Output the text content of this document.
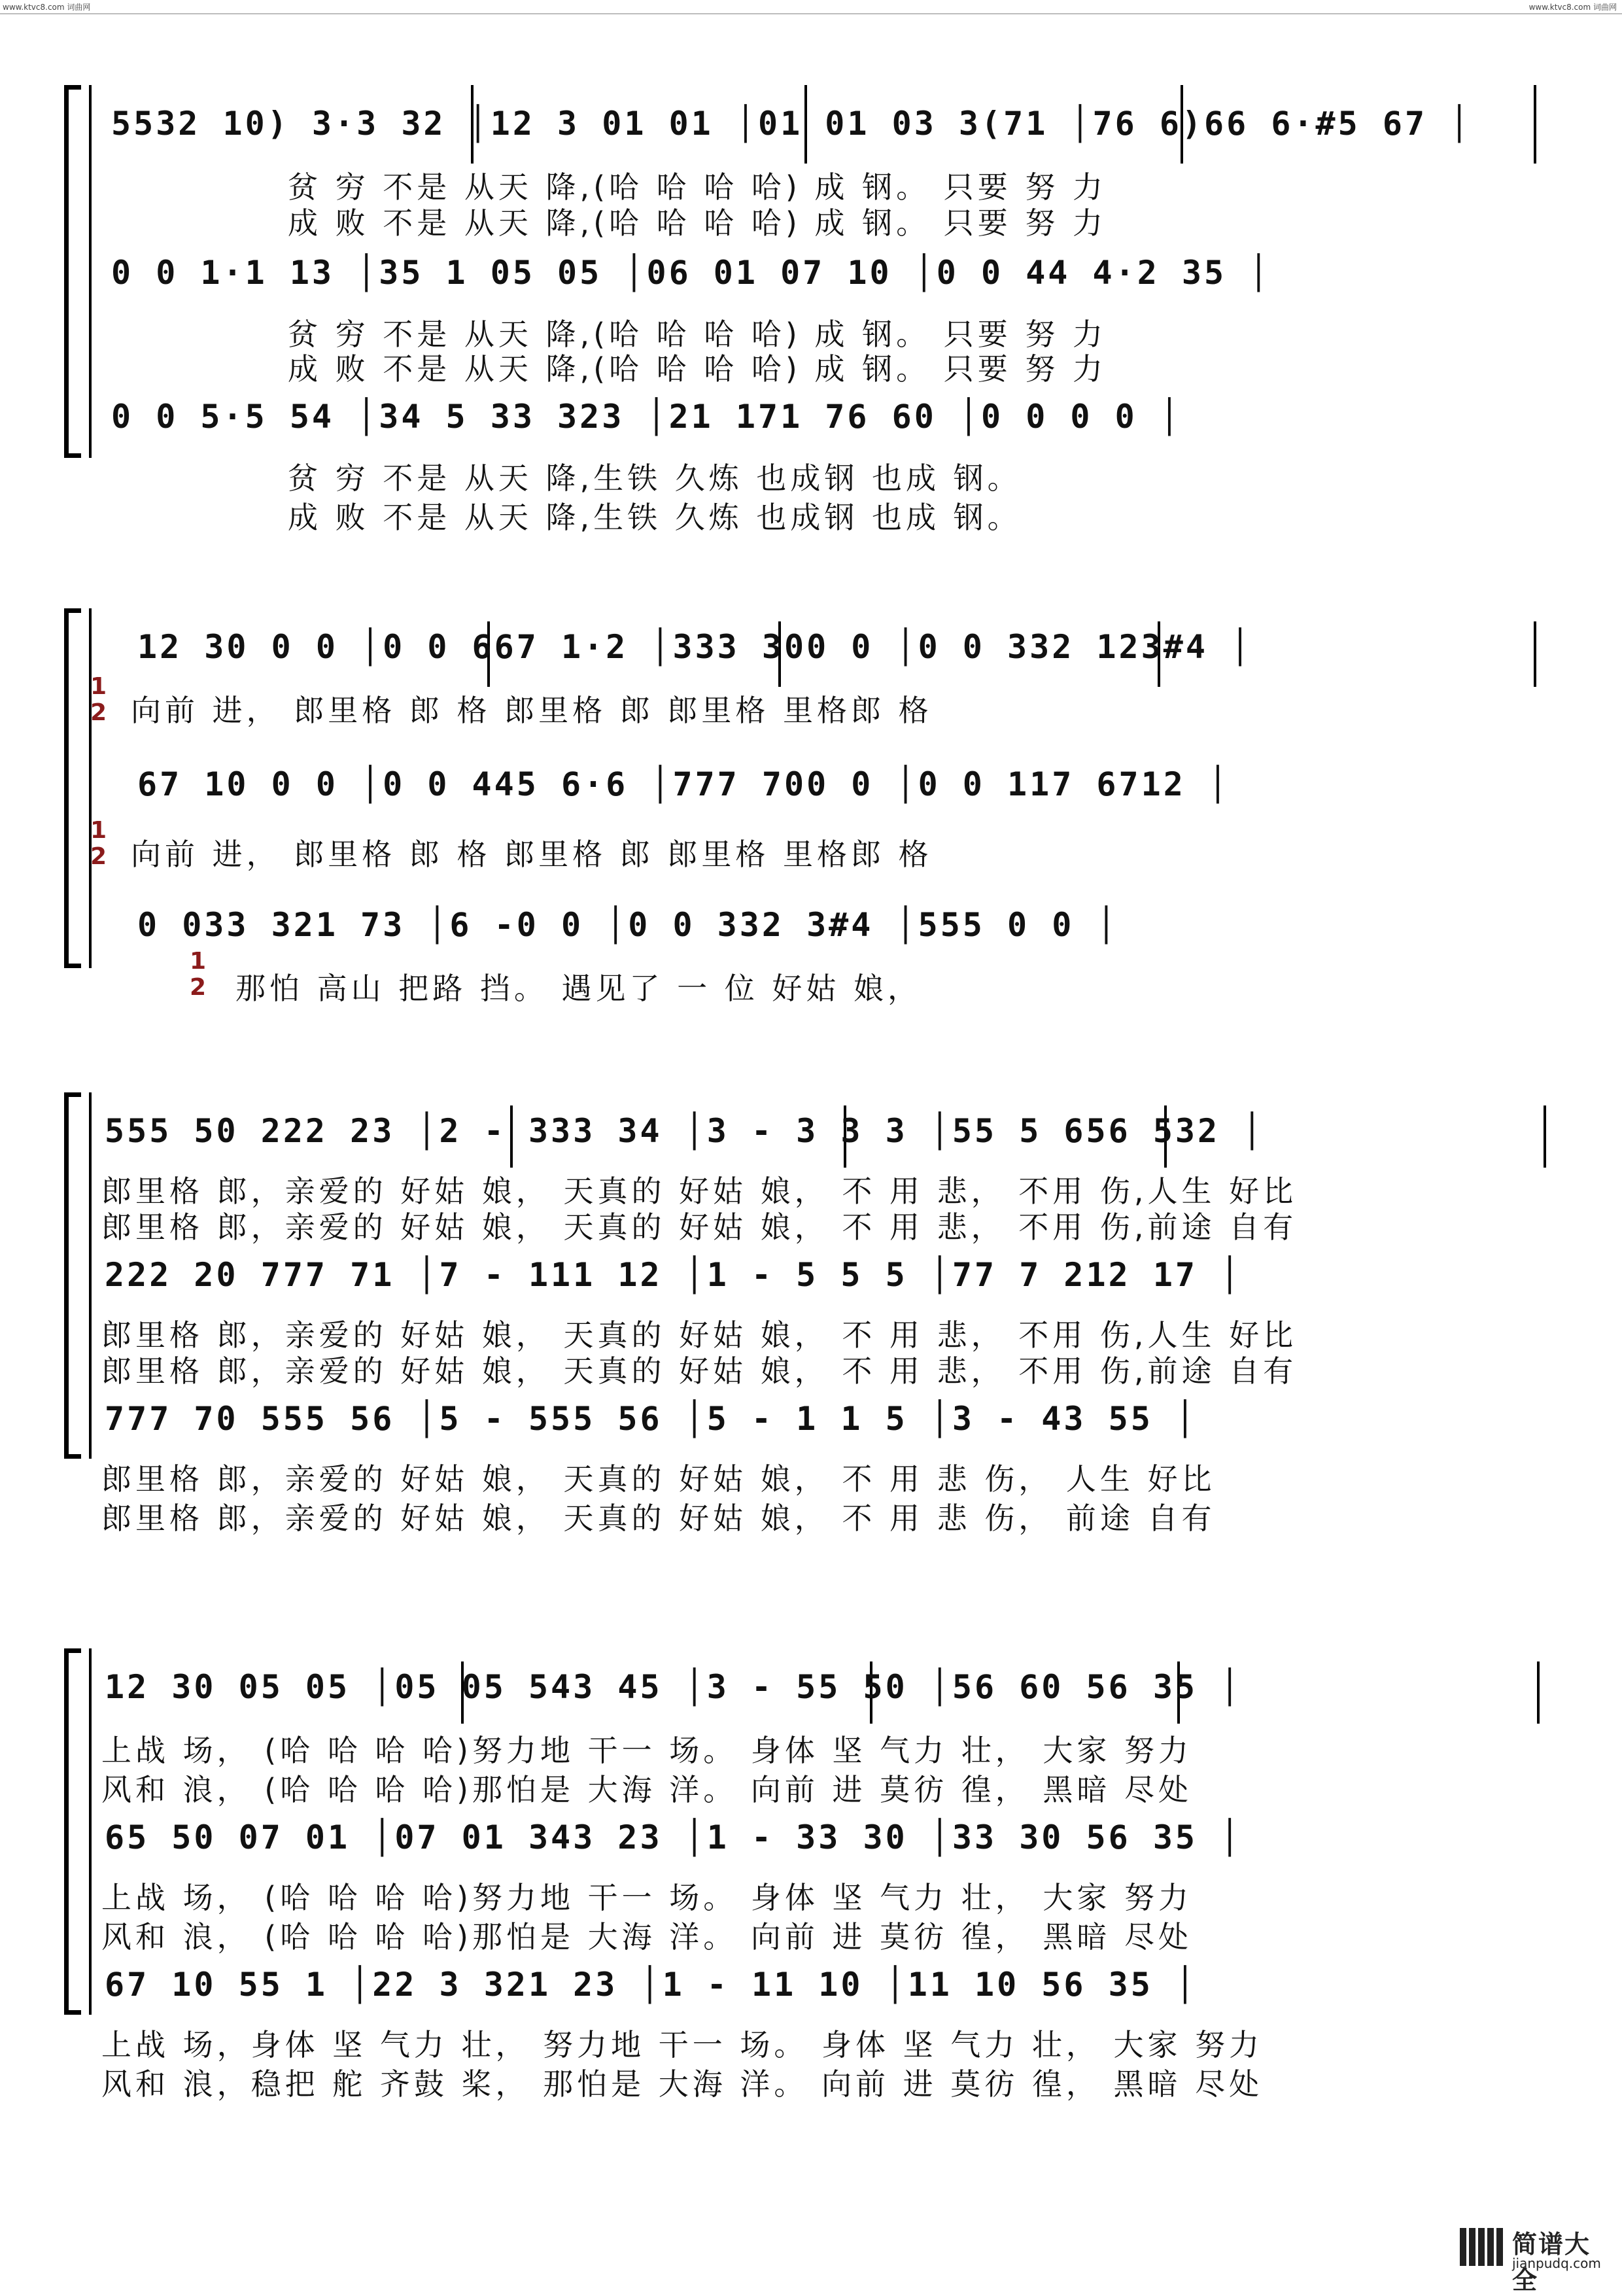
www.ktvc8.com 词曲网	www.ktvc8.com 词曲网
5532 10) 3·3 32 │12 3 01 01 │01 01 03 3(71 │76 6)66 6·#5 67 │
贫 穷 不是 从天 降,(哈 哈 哈 哈) 成 钢。 只要 努 力
成 败 不是 从天 降,(哈 哈 哈 哈) 成 钢。 只要 努 力
0 0 1·1 13 │35 1 05 05 │06 01 07 10 │0 0 44 4·2 35 │
贫 穷 不是 从天 降,(哈 哈 哈 哈) 成 钢。 只要 努 力
成 败 不是 从天 降,(哈 哈 哈 哈) 成 钢。 只要 努 力
0 0 5·5 54 │34 5 33 323 │21 171 76 60 │0 0 0 0 │
贫 穷 不是 从天 降,生铁 久炼 也成钢 也成 钢。
成 败 不是 从天 降,生铁 久炼 也成钢 也成 钢。
12 30 0 0 │0 0 667 1·2 │333 300 0 │0 0 332 123#4 │
1
2 向前 进， 郎里格 郎 格 郎里格 郎 郎里格 里格郎 格
67 10 0 0 │0 0 445 6·6 │777 700 0 │0 0 117 6712 │
1
2 向前 进， 郎里格 郎 格 郎里格 郎 郎里格 里格郎 格
0 033 321 73 │6 -0 0 │0 0 332 3#4 │555 0 0 │
1
2 那怕 高山 把路 挡。 遇见了 一 位 好姑 娘，
555 50 222 23 │2 - 333 34 │3 - 3 3 3 │55 5 656 532 │
郎里格 郎，亲爱的 好姑 娘， 天真的 好姑 娘， 不 用 悲， 不用 伤,人生 好比
郎里格 郎，亲爱的 好姑 娘， 天真的 好姑 娘， 不 用 悲， 不用 伤,前途 自有
222 20 777 71 │7 - 111 12 │1 - 5 5 5 │77 7 212 17 │
郎里格 郎，亲爱的 好姑 娘， 天真的 好姑 娘， 不 用 悲， 不用 伤,人生 好比
郎里格 郎，亲爱的 好姑 娘， 天真的 好姑 娘， 不 用 悲， 不用 伤,前途 自有
777 70 555 56 │5 - 555 56 │5 - 1 1 5 │3 - 43 55 │
郎里格 郎，亲爱的 好姑 娘， 天真的 好姑 娘， 不 用 悲 伤， 人生 好比
郎里格 郎，亲爱的 好姑 娘， 天真的 好姑 娘， 不 用 悲 伤， 前途 自有
12 30 05 05 │05 05 543 45 │3 - 55 50 │56 60 56 35 │
上战 场， (哈 哈 哈 哈)努力地 干一 场。 身体 坚 气力 壮， 大家 努力
风和 浪， (哈 哈 哈 哈)那怕是 大海 洋。 向前 进 莫彷 徨， 黑暗 尽处
65 50 07 01 │07 01 343 23 │1 - 33 30 │33 30 56 35 │
上战 场， (哈 哈 哈 哈)努力地 干一 场。 身体 坚 气力 壮， 大家 努力
风和 浪， (哈 哈 哈 哈)那怕是 大海 洋。 向前 进 莫彷 徨， 黑暗 尽处
67 10 55 1 │22 3 321 23 │1 - 11 10 │11 10 56 35 │
上战 场，身体 坚 气力 壮， 努力地 干一 场。 身体 坚 气力 壮， 大家 努力
风和 浪，稳把 舵 齐鼓 桨， 那怕是 大海 洋。 向前 进 莫彷 徨， 黑暗 尽处
简谱大全
jianpudq.com
